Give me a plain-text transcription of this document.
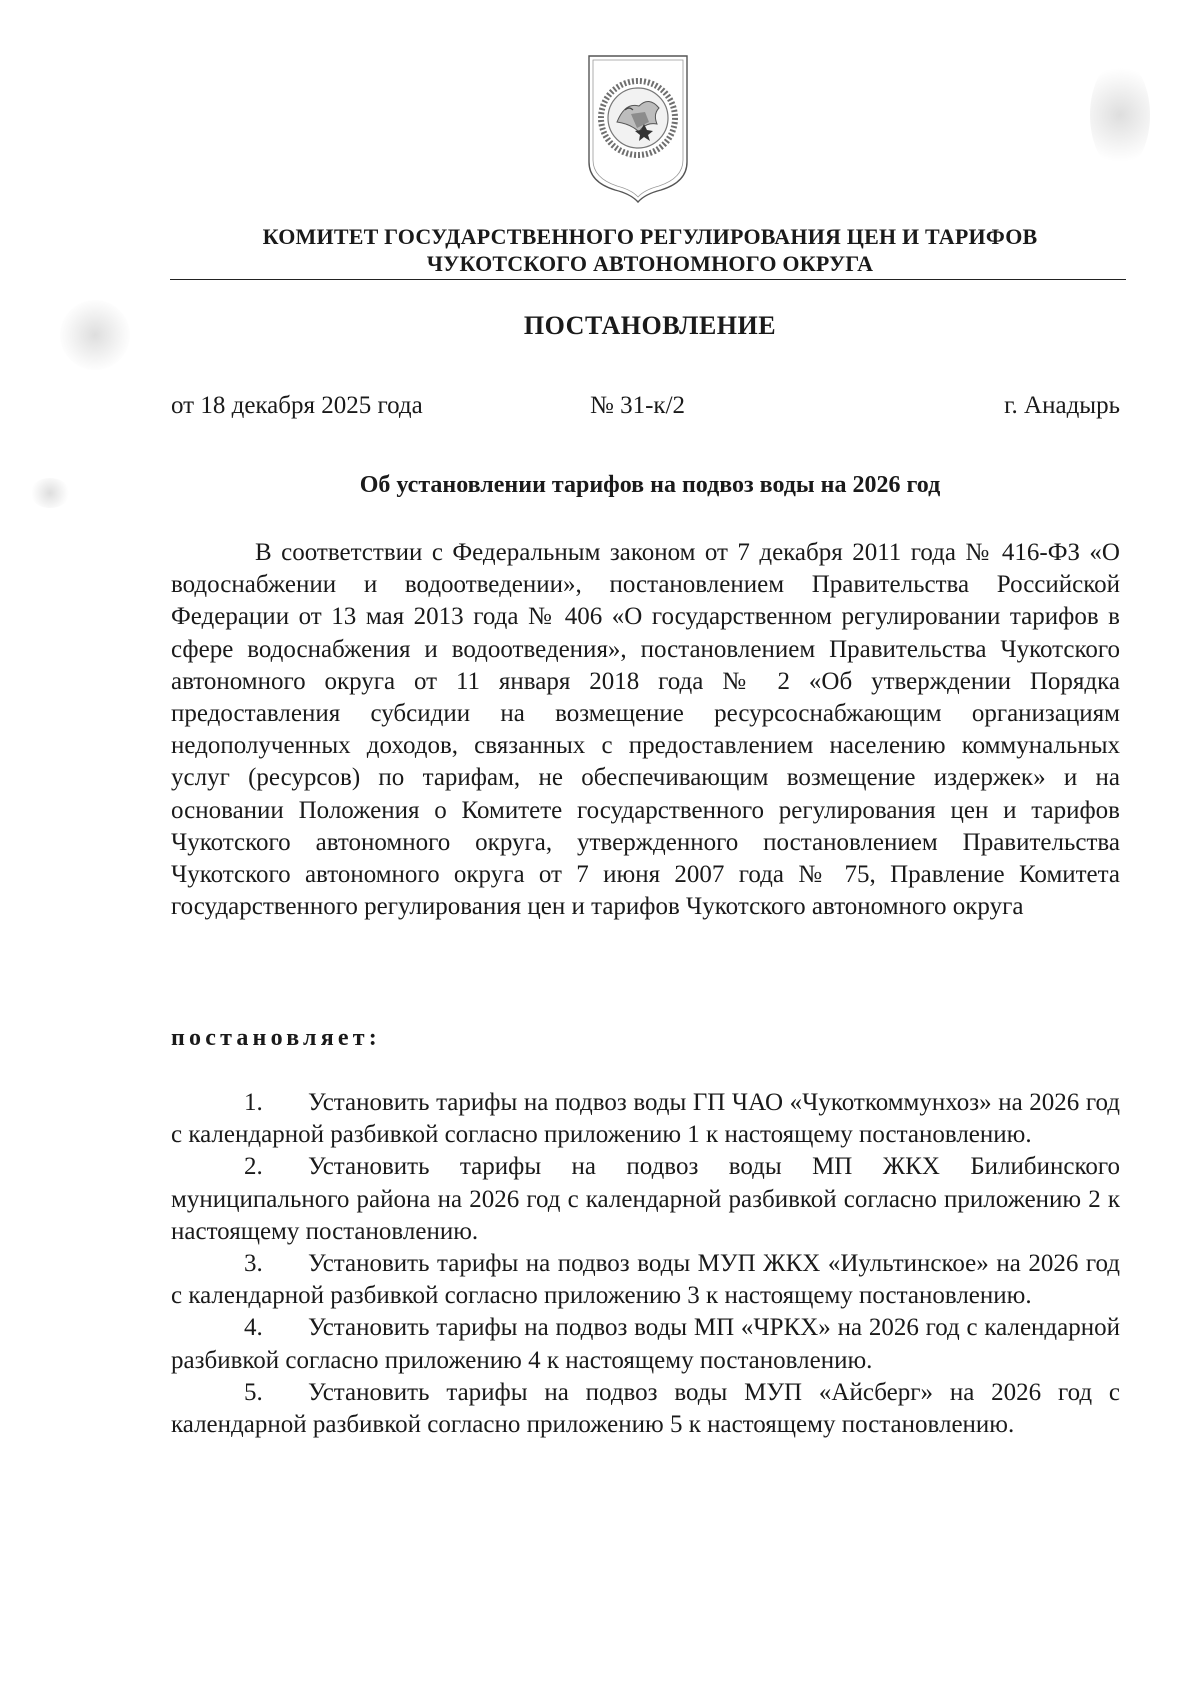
КОМИТЕТ ГОСУДАРСТВЕННОГО РЕГУЛИРОВАНИЯ ЦЕН И ТАРИФОВ
ЧУКОТСКОГО АВТОНОМНОГО ОКРУГА
ПОСТАНОВЛЕНИЕ
от 18 декабря 2025 года	№ 31-к/2	г. Анадырь
Об установлении тарифов на подвоз воды на 2026 год

В соответствии с Федеральным законом от 7 декабря 2011 года № 416-ФЗ «О водоснабжении и водоотведении», постановлением Правительства Российской Федерации от 13 мая 2013 года № 406 «О государственном регулировании тарифов в сфере водоснабжения и водоотведения», постановлением Правительства Чукотского автономного округа от 11 января 2018 года № 2 «Об утверждении Порядка предоставления субсидии на возмещение ресурсоснабжающим организациям недополученных доходов, связанных с предоставлением населению коммунальных услуг (ресурсов) по тарифам, не обеспечивающим возмещение издержек» и на основании Положения о Комитете государственного регулирования цен и тарифов Чукотского автономного округа, утвержденного постановлением Правительства Чукотского автономного округа от 7 июня 2007 года № 75, Правление Комитета государственного регулирования цен и тарифов Чукотского автономного округа

постановляет:

1. Установить тарифы на подвоз воды ГП ЧАО «Чукоткоммунхоз» на 2026 год с календарной разбивкой согласно приложению 1 к настоящему постановлению.

2. Установить тарифы на подвоз воды МП ЖКХ Билибинского муниципального района на 2026 год с календарной разбивкой согласно приложению 2 к настоящему постановлению.

3. Установить тарифы на подвоз воды МУП ЖКХ «Иультинское» на 2026 год с календарной разбивкой согласно приложению 3 к настоящему постановлению.

4. Установить тарифы на подвоз воды МП «ЧРКХ» на 2026 год с календарной разбивкой согласно приложению 4 к настоящему постановлению.

5. Установить тарифы на подвоз воды МУП «Айсберг» на 2026 год с календарной разбивкой согласно приложению 5 к настоящему постановлению.
